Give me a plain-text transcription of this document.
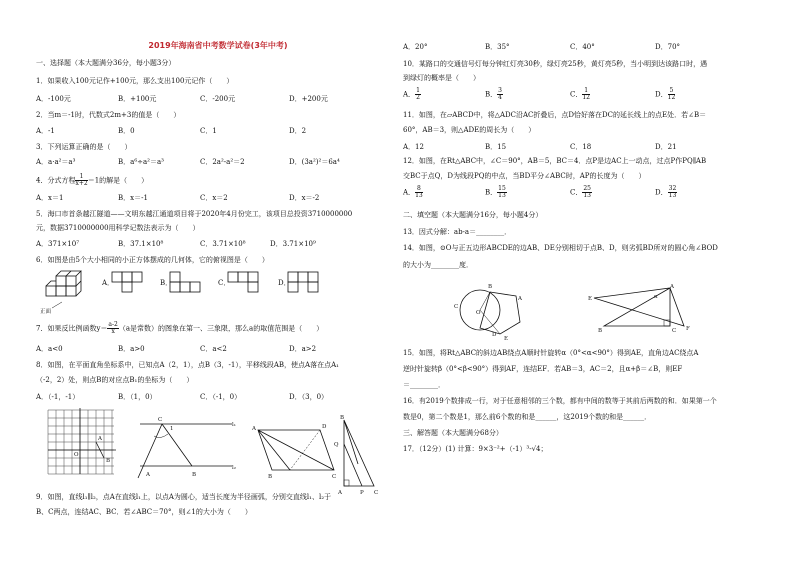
2019年海南省中考数学试卷(3年中考)
一、选择题（本大题满分36分，每小题3分）
1．如果收入100元记作+100元，那么支出100元记作（　　）
A．-100元	B．+100元	C．-200元	D．+200元
2．当m＝-1时，代数式2m+3的值是（　　）
A．-1	B．0	C．1	D．2
3．下列运算正确的是（　　）
A．a·a²＝a³	B．a⁶÷a²＝a³	C．2a²-a²＝2	D．(3a²)²＝6a⁴
4．分式方程 $\frac{1}{x+2} =1$的解是（　　）
A．x＝1	B．x＝-1	C．x＝2	D．x＝-2
5．海口市首条越江隧道——文明东越江通道项目将于2020年4月份完工，该项目总投资3710000000
元，数据3710000000用科学记数法表示为（　　）
A．371×10⁷	B．37.1×10⁸	C．3.71×10⁸	D．3.71×10⁹
6．如图是由5个大小相同的小正方体摆成的几何体，它的俯视图是（　　）
正面
A．	B．	C．	D．
7．如果反比例函数$y= \frac{a-2}{x} (a$是常数）的图象在第一、三象限，那么a的取值范围是（　　）
A．a<0	B．a>0	C．a<2	D．a>2
8．如图，在平面直角坐标系中，已知点A（2，1），点B（3，-1），平移线段AB，使点A落在点A₁
（-2，2）处，则点B的对应点B₁的坐标为（　　）
A．（-1，-1）	B．（1，0）	C．（-1，0）	D．（3，0）
O
A
B
C
1
l₁
A	B
l₂
A	D
B	C
B
Q
A	P C
9．如图，直线l₁∥l₂，点A在直线l₁上，以点A为圆心，适当长度为半径画弧，分别交直线l₁、l₂于
B、C两点，连结AC、BC．若∠ABC＝70°，则∠1的大小为（　　）
A．20°	B．35°	C．40°	D．70°
10．某路口的交通信号灯每分钟红灯亮30秒，绿灯亮25秒，黄灯亮5秒，当小明到达该路口时，遇
到绿灯的概率是（　　）
A． $\frac{1}{2}$	B． $\frac{3}{4}$	C． $\frac{1}{12}$	D． $\frac{5}{12}$
11．如图，在▱ABCD中，将△ADC沿AC折叠后，点D恰好落在DC的延长线上的点E处．若∠B＝
60°，AB＝3，则△ADE的周长为（　　）
A．12	B．15	C．18	D．21
12．如图，在Rt△ABC中，∠C＝90°，AB＝5，BC＝4．点P是边AC上一动点，过点P作PQ∥AB
交BC于点Q，D为线段PQ的中点，当BD平分∠ABC时，AP的长度为（　　）
A． $\frac{8}{13}$	B． $\frac{15}{13}$	C． $\frac{25}{13}$	D． $\frac{32}{13}$
二、填空题（本大题满分16分，每小题4分）
13．因式分解：ab-a＝________．
14．如图，⊙O与正五边形ABCDE的边AB、DE分别相切于点B、D，则劣弧BD所对的圆心角∠BOD
的大小为________度．
B
A
C
O
D
E
E
A
α
C
B	F
15．如图，将Rt△ABC的斜边AB绕点A顺时针旋转α（0°<α<90°）得到AE，直角边AC绕点A
逆时针旋转β（0°<β<90°）得到AF，连结EF．若AB＝3，AC＝2，且α+β＝∠B，则EF
＝________．
16．有2019个数排成一行，对于任意相邻的三个数，都有中间的数等于其前后两数的和．如果第一个
数是0，第二个数是1，那么前6个数的和是______，这2019个数的和是______．
三、解答题（本大题满分68分）
17．（12分）(1) 计算：9×3⁻²+（-1）³-√4；
